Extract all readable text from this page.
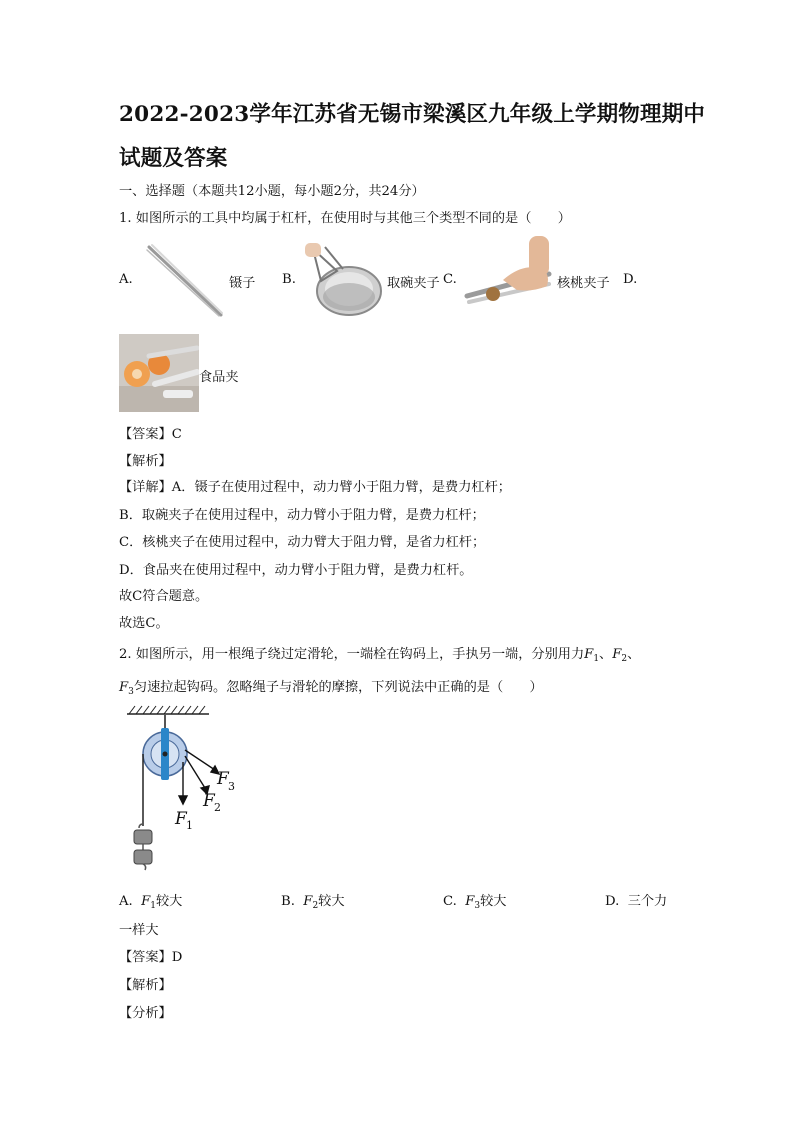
2022-2023学年江苏省无锡市梁溪区九年级上学期物理期中
试题及答案
一、选择题（本题共12小题，每小题2分，共24分）
1. 如图所示的工具中均属于杠杆，在使用时与其他三个类型不同的是（　　）
A.	镊子 B.	取碗夹子 C.	核桃夹子 D.
食品夹
【答案】C
【解析】
【详解】A．镊子在使用过程中，动力臂小于阻力臂，是费力杠杆；
B．取碗夹子在使用过程中，动力臂小于阻力臂，是费力杠杆；
C．核桃夹子在使用过程中，动力臂大于阻力臂，是省力杠杆；
D．食品夹在使用过程中，动力臂小于阻力臂，是费力杠杆。
故C符合题意。
故选C。
2. 如图所示，用一根绳子绕过定滑轮，一端栓在钩码上，手执另一端，分别用力$F_1$、$F_2$、
$F_3$匀速拉起钩码。忽略绳子与滑轮的摩擦，下列说法中正确的是（　　）
F 1
F 2
F 3
A. $F_1$较大	B. $F_2$较大	C. $F_3$较大	D. 三个力
一样大
【答案】D
【解析】
【分析】
